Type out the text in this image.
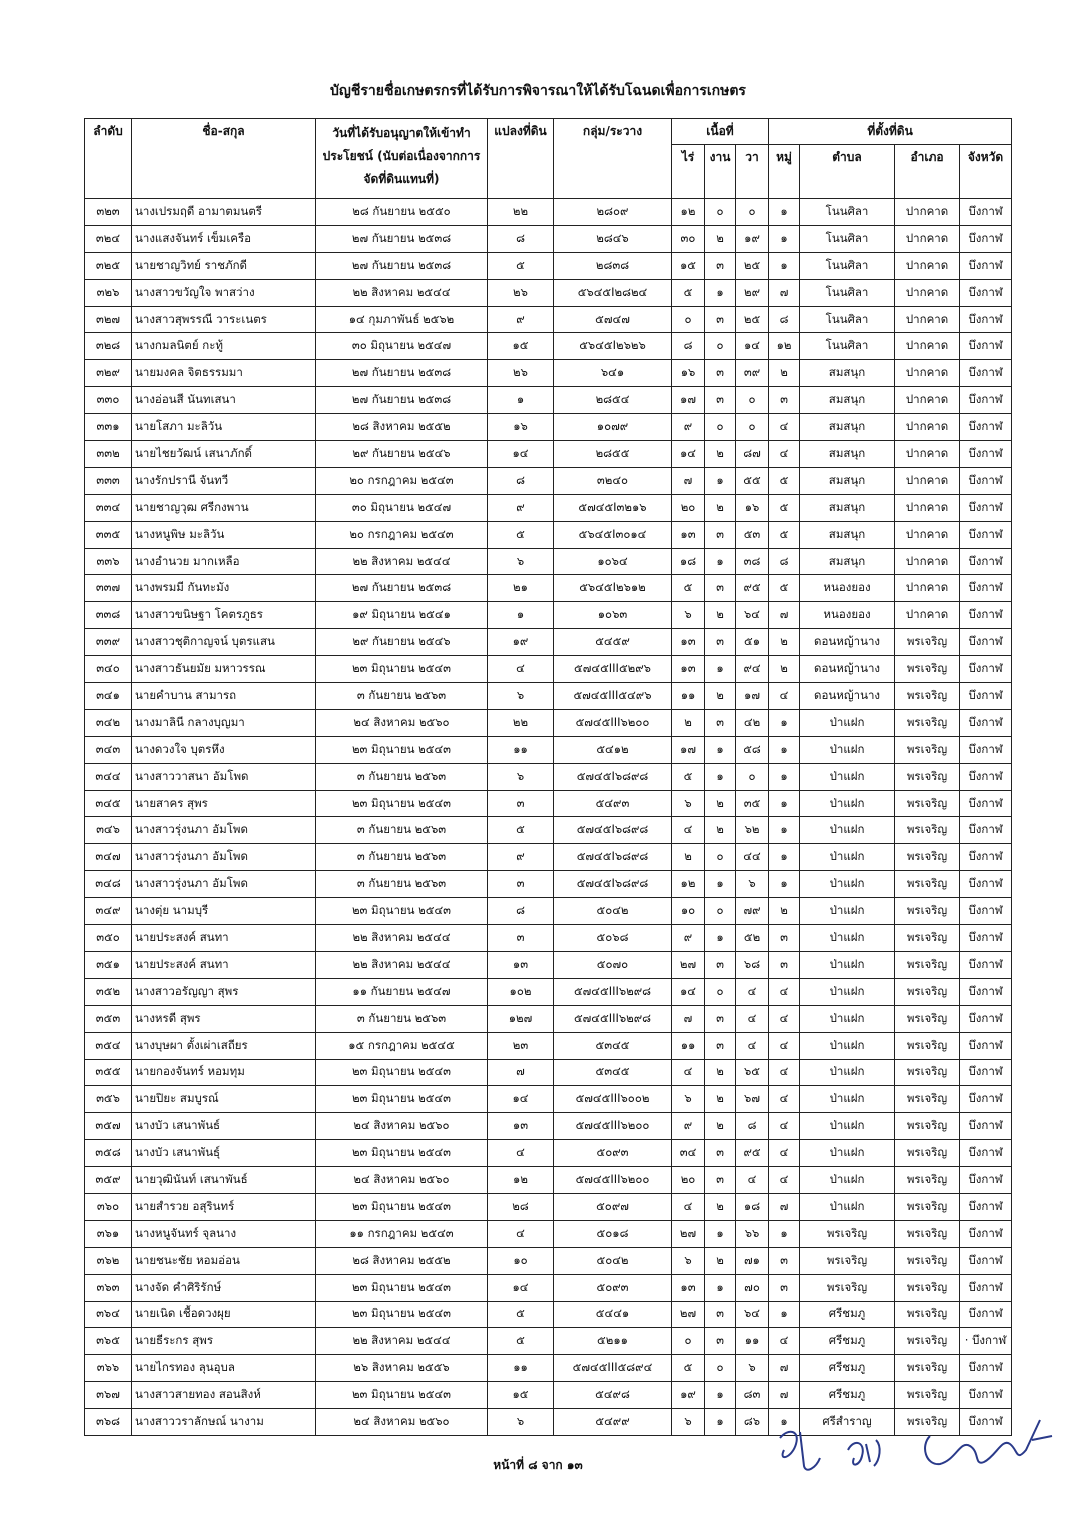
บัญชีรายชื่อเกษตรกรที่ได้รับการพิจารณาให้ได้รับโฉนดเพื่อการเกษตร
ลำดับ	ชื่อ-สกุล	วันที่ได้รับอนุญาตให้เข้าทำประโยชน์ (นับต่อเนื่องจากการจัดที่ดินแทนที่)	แปลงที่ดิน	กลุ่ม/ระวาง	เนื้อที่			ที่ตั้งที่ดิน			
					ไร่	งาน	วา	หมู่	ตำบล	อำเภอ	จังหวัด

๓๒๓	นางเปรมฤดี อามาตมนตรี	๒๘ กันยายน ๒๕๕๐	๒๒	๒๘๐๙	๑๒	๐	๐	๑	โนนศิลา	ปากคาด	บึงกาฬ
๓๒๔	นางแสงจันทร์ เข็มเครือ	๒๗ กันยายน ๒๕๓๘	๘	๒๘๔๖	๓๐	๒	๑๙	๑	โนนศิลา	ปากคาด	บึงกาฬ
๓๒๕	นายชาญวิทย์ ราชภักดี	๒๗ กันยายน ๒๕๓๘	๕	๒๘๓๘	๑๕	๓	๒๕	๑	โนนศิลา	ปากคาด	บึงกาฬ
๓๒๖	นางสาวขวัญใจ พาสว่าง	๒๒ สิงหาคม ๒๕๔๔	๒๖	๕๖๔๕I๒๘๒๔	๕	๑	๒๙	๗	โนนศิลา	ปากคาด	บึงกาฬ
๓๒๗	นางสาวสุพรรณี วาระเนตร	๑๔ กุมภาพันธ์ ๒๕๖๒	๙	๕๗๔๗	๐	๓	๒๕	๘	โนนศิลา	ปากคาด	บึงกาฬ
๓๒๘	นางกมลนิตย์ กะทู้	๓๐ มิถุนายน ๒๕๔๗	๑๕	๕๖๔๕I๒๖๒๖	๘	๐	๑๔	๑๒	โนนศิลา	ปากคาด	บึงกาฬ
๓๒๙	นายมงคล จิตธรรมมา	๒๗ กันยายน ๒๕๓๘	๒๖	๖๔๑	๑๖	๓	๓๙	๒	สมสนุก	ปากคาด	บึงกาฬ
๓๓๐	นางอ่อนสี นันทเสนา	๒๗ กันยายน ๒๕๓๘	๑	๒๘๕๔	๑๗	๓	๐	๓	สมสนุก	ปากคาด	บึงกาฬ
๓๓๑	นายโสภา มะลิวัน	๒๘ สิงหาคม ๒๕๕๒	๑๖	๑๐๗๙	๙	๐	๐	๔	สมสนุก	ปากคาด	บึงกาฬ
๓๓๒	นายไชยวัฒน์ เสนาภักดิ์	๒๙ กันยายน ๒๕๔๖	๑๔	๒๘๕๕	๑๔	๒	๘๗	๔	สมสนุก	ปากคาด	บึงกาฬ
๓๓๓	นางรักปรานี จันทวี	๒๐ กรกฎาคม ๒๕๔๓	๘	๓๒๔๐	๗	๑	๕๕	๕	สมสนุก	ปากคาด	บึงกาฬ
๓๓๔	นายชาญวุฒ ศรีกงพาน	๓๐ มิถุนายน ๒๕๔๗	๙	๕๗๔๕I๓๒๑๖	๒๐	๒	๑๖	๕	สมสนุก	ปากคาด	บึงกาฬ
๓๓๕	นางหนูพิษ มะลิวัน	๒๐ กรกฎาคม ๒๕๔๓	๕	๕๖๔๕I๓๐๑๔	๑๓	๓	๕๓	๕	สมสนุก	ปากคาด	บึงกาฬ
๓๓๖	นางอำนวย มากเหลือ	๒๒ สิงหาคม ๒๕๔๔	๖	๑๐๖๔	๑๘	๑	๓๘	๘	สมสนุก	ปากคาด	บึงกาฬ
๓๓๗	นางพรมมี กันทะมัง	๒๗ กันยายน ๒๕๓๘	๒๑	๕๖๔๕I๒๖๑๒	๕	๓	๙๕	๕	หนองยอง	ปากคาด	บึงกาฬ
๓๓๘	นางสาวขนิษฐา โคตรภูธร	๑๙ มิถุนายน ๒๕๔๑	๑	๑๐๖๓	๖	๒	๖๔	๗	หนองยอง	ปากคาด	บึงกาฬ
๓๓๙	นางสาวชุติกาญจน์ บุตรแสน	๒๙ กันยายน ๒๕๔๖	๑๙	๕๔๕๙	๑๓	๓	๕๑	๒	ดอนหญ้านาง	พรเจริญ	บึงกาฬ
๓๔๐	นางสาวธันยมัย มหาวรรณ	๒๓ มิถุนายน ๒๕๔๓	๔	๕๗๔๕III๕๒๙๖	๑๓	๑	๙๔	๒	ดอนหญ้านาง	พรเจริญ	บึงกาฬ
๓๔๑	นายคำบาน สามารถ	๓ กันยายน ๒๕๖๓	๖	๕๗๔๕III๕๔๙๖	๑๑	๒	๑๗	๔	ดอนหญ้านาง	พรเจริญ	บึงกาฬ
๓๔๒	นางมาลินี กลางบุญมา	๒๔ สิงหาคม ๒๕๖๐	๒๒	๕๗๔๕III๖๒๐๐	๒	๓	๔๒	๑	ป่าแฝก	พรเจริญ	บึงกาฬ
๓๔๓	นางดวงใจ บุตรหึง	๒๓ มิถุนายน ๒๕๔๓	๑๑	๕๔๑๒	๑๗	๑	๕๘	๑	ป่าแฝก	พรเจริญ	บึงกาฬ
๓๔๔	นางสาววาสนา อัมโพด	๓ กันยายน ๒๕๖๓	๖	๕๗๔๕I๖๘๙๘	๕	๑	๐	๑	ป่าแฝก	พรเจริญ	บึงกาฬ
๓๔๕	นายสาคร สุพร	๒๓ มิถุนายน ๒๕๔๓	๓	๕๔๙๓	๖	๒	๓๕	๑	ป่าแฝก	พรเจริญ	บึงกาฬ
๓๔๖	นางสาวรุ่งนภา อัมโพด	๓ กันยายน ๒๕๖๓	๕	๕๗๔๕I๖๘๙๘	๔	๒	๖๒	๑	ป่าแฝก	พรเจริญ	บึงกาฬ
๓๔๗	นางสาวรุ่งนภา อัมโพด	๓ กันยายน ๒๕๖๓	๙	๕๗๔๕I๖๘๙๘	๒	๐	๔๔	๑	ป่าแฝก	พรเจริญ	บึงกาฬ
๓๔๘	นางสาวรุ่งนภา อัมโพด	๓ กันยายน ๒๕๖๓	๓	๕๗๔๕I๖๘๙๘	๑๒	๑	๖	๑	ป่าแฝก	พรเจริญ	บึงกาฬ
๓๔๙	นางตุ่ย นามบุรี	๒๓ มิถุนายน ๒๕๔๓	๘	๕๐๔๒	๑๐	๐	๗๙	๒	ป่าแฝก	พรเจริญ	บึงกาฬ
๓๕๐	นายประสงค์ สนทา	๒๒ สิงหาคม ๒๕๔๔	๓	๕๐๖๘	๙	๑	๕๒	๓	ป่าแฝก	พรเจริญ	บึงกาฬ
๓๕๑	นายประสงค์ สนทา	๒๒ สิงหาคม ๒๕๔๔	๑๓	๕๐๗๐	๒๗	๓	๖๘	๓	ป่าแฝก	พรเจริญ	บึงกาฬ
๓๕๒	นางสาวอรัญญา สุพร	๑๑ กันยายน ๒๕๔๗	๑๐๒	๕๗๔๕III๖๒๙๘	๑๔	๐	๔	๔	ป่าแฝก	พรเจริญ	บึงกาฬ
๓๕๓	นางหรดี สุพร	๓ กันยายน ๒๕๖๓	๑๒๗	๕๗๔๕III๖๒๙๘	๗	๓	๔	๔	ป่าแฝก	พรเจริญ	บึงกาฬ
๓๕๔	นางบุษผา ตั้งเผ่าเสถียร	๑๕ กรกฎาคม ๒๕๔๕	๒๓	๕๓๔๕	๑๑	๓	๔	๔	ป่าแฝก	พรเจริญ	บึงกาฬ
๓๕๕	นายกองจันทร์ หอมทุม	๒๓ มิถุนายน ๒๕๔๓	๗	๕๓๔๕	๔	๒	๖๕	๔	ป่าแฝก	พรเจริญ	บึงกาฬ
๓๕๖	นายปิยะ สมบูรณ์	๒๓ มิถุนายน ๒๕๔๓	๑๔	๕๗๔๕III๖๐๐๒	๖	๒	๖๗	๔	ป่าแฝก	พรเจริญ	บึงกาฬ
๓๕๗	นางบัว เสนาพันธ์	๒๔ สิงหาคม ๒๕๖๐	๑๓	๕๗๔๕III๖๒๐๐	๙	๒	๘	๔	ป่าแฝก	พรเจริญ	บึงกาฬ
๓๕๘	นางบัว เสนาพันธุ์	๒๓ มิถุนายน ๒๕๔๓	๔	๕๐๙๓	๓๔	๓	๙๕	๔	ป่าแฝก	พรเจริญ	บึงกาฬ
๓๕๙	นายวุฒินันท์ เสนาพันธ์	๒๔ สิงหาคม ๒๕๖๐	๑๒	๕๗๔๕III๖๒๐๐	๒๐	๓	๔	๔	ป่าแฝก	พรเจริญ	บึงกาฬ
๓๖๐	นายสำรวย อสุรินทร์	๒๓ มิถุนายน ๒๕๔๓	๒๘	๕๐๙๗	๔	๒	๑๘	๗	ป่าแฝก	พรเจริญ	บึงกาฬ
๓๖๑	นางหนูจันทร์ จุลนาง	๑๑ กรกฎาคม ๒๕๔๓	๔	๕๐๑๘	๒๗	๑	๖๖	๑	พรเจริญ	พรเจริญ	บึงกาฬ
๓๖๒	นายชนะชัย หอมอ่อน	๒๘ สิงหาคม ๒๕๕๒	๑๐	๕๐๔๒	๖	๒	๗๑	๓	พรเจริญ	พรเจริญ	บึงกาฬ
๓๖๓	นางจัด คำศิริรักษ์	๒๓ มิถุนายน ๒๕๔๓	๑๔	๕๐๙๓	๑๓	๑	๗๐	๓	พรเจริญ	พรเจริญ	บึงกาฬ
๓๖๔	นายเนิด เชื้อดวงผุย	๒๓ มิถุนายน ๒๕๔๓	๕	๕๔๔๑	๒๗	๓	๖๔	๑	ศรีชมภู	พรเจริญ	บึงกาฬ
๓๖๕	นายธีระกร สุพร	๒๒ สิงหาคม ๒๕๔๔	๕	๕๒๑๑	๐	๓	๑๑	๔	ศรีชมภู	พรเจริญ	· บึงกาฬ
๓๖๖	นายไกรทอง ลุนอุบล	๒๖ สิงหาคม ๒๕๕๖	๑๑	๕๗๔๕III๕๘๙๔	๕	๐	๖	๗	ศรีชมภู	พรเจริญ	บึงกาฬ
๓๖๗	นางสาวสายทอง สอนสิงห์	๒๓ มิถุนายน ๒๕๔๓	๑๕	๕๔๙๘	๑๙	๑	๘๓	๗	ศรีชมภู	พรเจริญ	บึงกาฬ
๓๖๘	นางสาววราลักษณ์ นางาม	๒๔ สิงหาคม ๒๕๖๐	๖	๕๔๙๙	๖	๑	๘๖	๑	ศรีสำราญ	พรเจริญ	บึงกาฬ
หน้าที่ ๘ จาก ๑๓
